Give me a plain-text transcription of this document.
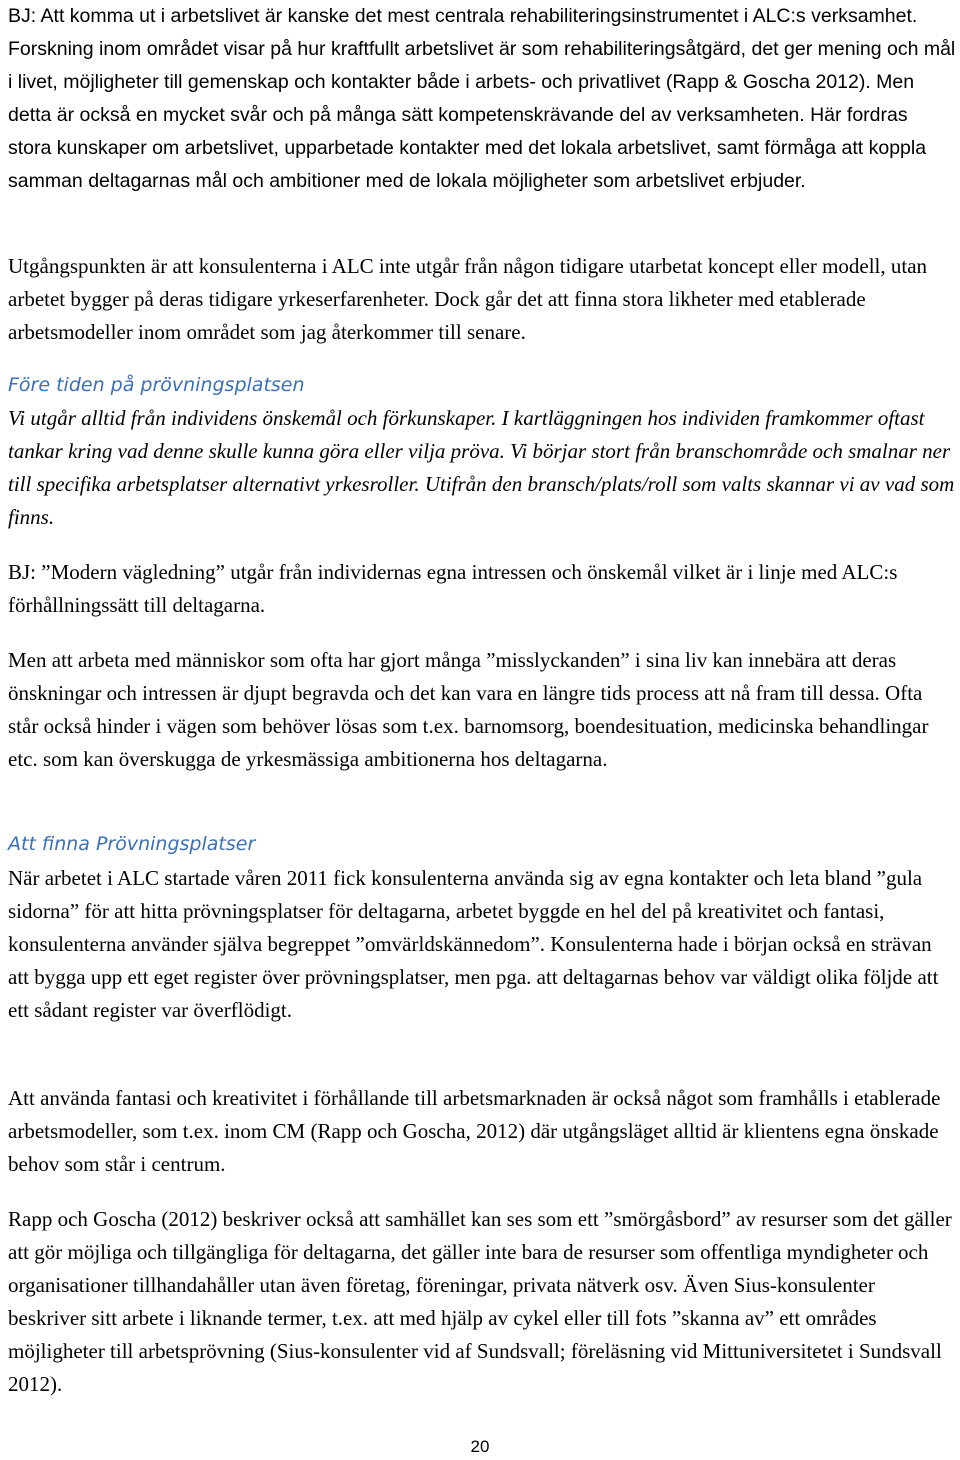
BJ: Att komma ut i arbetslivet är kanske det mest centrala rehabiliteringsinstrumentet i ALC:s verksamhet. Forskning inom området visar på hur kraftfullt arbetslivet är som rehabiliteringsåtgärd, det ger mening och mål i livet, möjligheter till gemenskap och kontakter både i arbets- och privatlivet (Rapp & Goscha 2012). Men detta är också en mycket svår och på många sätt kompetenskrävande del av verksamheten. Här fordras stora kunskaper om arbetslivet, upparbetade kontakter med det lokala arbetslivet, samt förmåga att koppla samman deltagarnas mål och ambitioner med de lokala möjligheter som arbetslivet erbjuder.

Utgångspunkten är att konsulenterna i ALC inte utgår från någon tidigare utarbetat koncept eller modell, utan arbetet bygger på deras tidigare yrkeserfarenheter. Dock går det att finna stora likheter med etablerade arbetsmodeller inom området som jag återkommer till senare.

Före tiden på prövningsplatsen

Vi utgår alltid från individens önskemål och förkunskaper. I kartläggningen hos individen framkommer oftast tankar kring vad denne skulle kunna göra eller vilja pröva. Vi börjar stort från branschområde och smalnar ner till specifika arbetsplatser alternativt yrkesroller. Utifrån den bransch/plats/roll som valts skannar vi av vad som finns.

BJ: ”Modern vägledning” utgår från individernas egna intressen och önskemål vilket är i linje med ALC:s förhållningssätt till deltagarna.

Men att arbeta med människor som ofta har gjort många ”misslyckanden” i sina liv kan innebära att deras önskningar och intressen är djupt begravda och det kan vara en längre tids process att nå fram till dessa. Ofta står också hinder i vägen som behöver lösas som t.ex. barnomsorg, boendesituation, medicinska behandlingar etc. som kan överskugga de yrkesmässiga ambitionerna hos deltagarna.

Att finna Prövningsplatser

När arbetet i ALC startade våren 2011 fick konsulenterna använda sig av egna kontakter och leta bland ”gula sidorna” för att hitta prövningsplatser för deltagarna, arbetet byggde en hel del på kreativitet och fantasi, konsulenterna använder själva begreppet ”omvärldskännedom”. Konsulenterna hade i början också en strävan att bygga upp ett eget register över prövningsplatser, men pga. att deltagarnas behov var väldigt olika följde att ett sådant register var överflödigt.

Att använda fantasi och kreativitet i förhållande till arbetsmarknaden är också något som framhålls i etablerade arbetsmodeller, som t.ex. inom CM (Rapp och Goscha, 2012) där utgångsläget alltid är klientens egna önskade behov som står i centrum.

Rapp och Goscha (2012) beskriver också att samhället kan ses som ett ”smörgåsbord” av resurser som det gäller att gör möjliga och tillgängliga för deltagarna, det gäller inte bara de resurser som offentliga myndigheter och organisationer tillhandahåller utan även företag, föreningar, privata nätverk osv. Även Sius-konsulenter beskriver sitt arbete i liknande termer, t.ex. att med hjälp av cykel eller till fots ”skanna av” ett områdes möjligheter till arbetsprövning (Sius-konsulenter vid af Sundsvall; föreläsning vid Mittuniversitetet i Sundsvall 2012).

20
